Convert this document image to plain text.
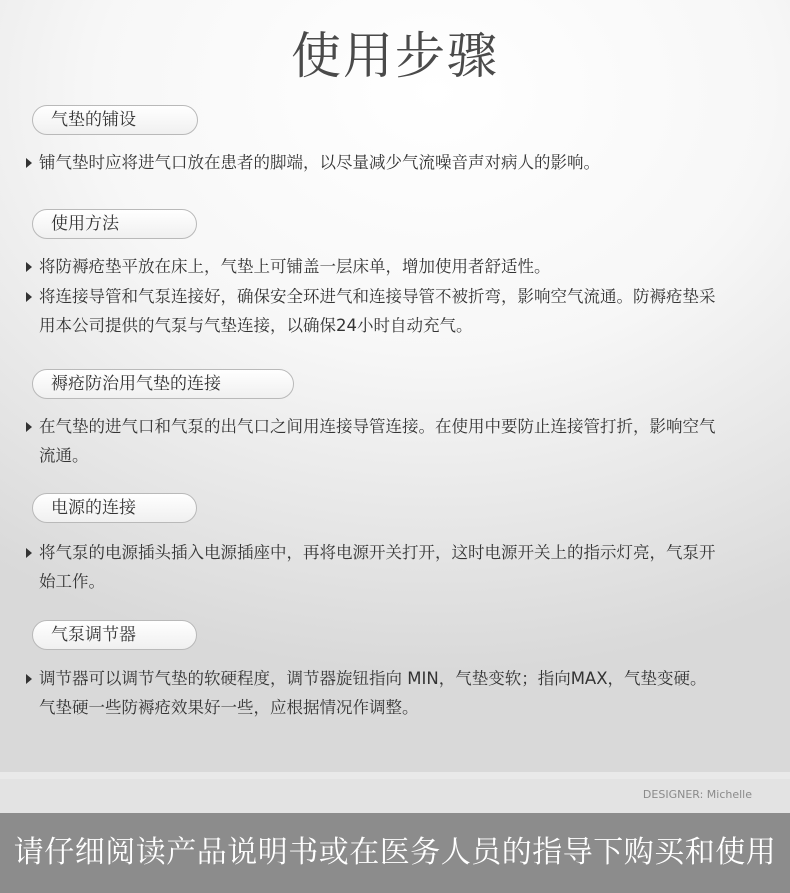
使用步骤
气垫的铺设
铺气垫时应将进气口放在患者的脚端，以尽量减少气流噪音声对病人的影响。
使用方法
将防褥疮垫平放在床上，气垫上可铺盖一层床单，增加使用者舒适性。
将连接导管和气泵连接好，确保安全环进气和连接导管不被折弯，影响空气流通。防褥疮垫采用本公司提供的气泵与气垫连接，以确保24小时自动充气。
褥疮防治用气垫的连接
在气垫的进气口和气泵的出气口之间用连接导管连接。在使用中要防止连接管打折，影响空气流通。
电源的连接
将气泵的电源插头插入电源插座中，再将电源开关打开，这时电源开关上的指示灯亮，气泵开始工作。
气泵调节器
调节器可以调节气垫的软硬程度，调节器旋钮指向 MIN，气垫变软；指向MAX，气垫变硬。气垫硬一些防褥疮效果好一些，应根据情况作调整。
DESIGNER: Michelle
请仔细阅读产品说明书或在医务人员的指导下购买和使用
